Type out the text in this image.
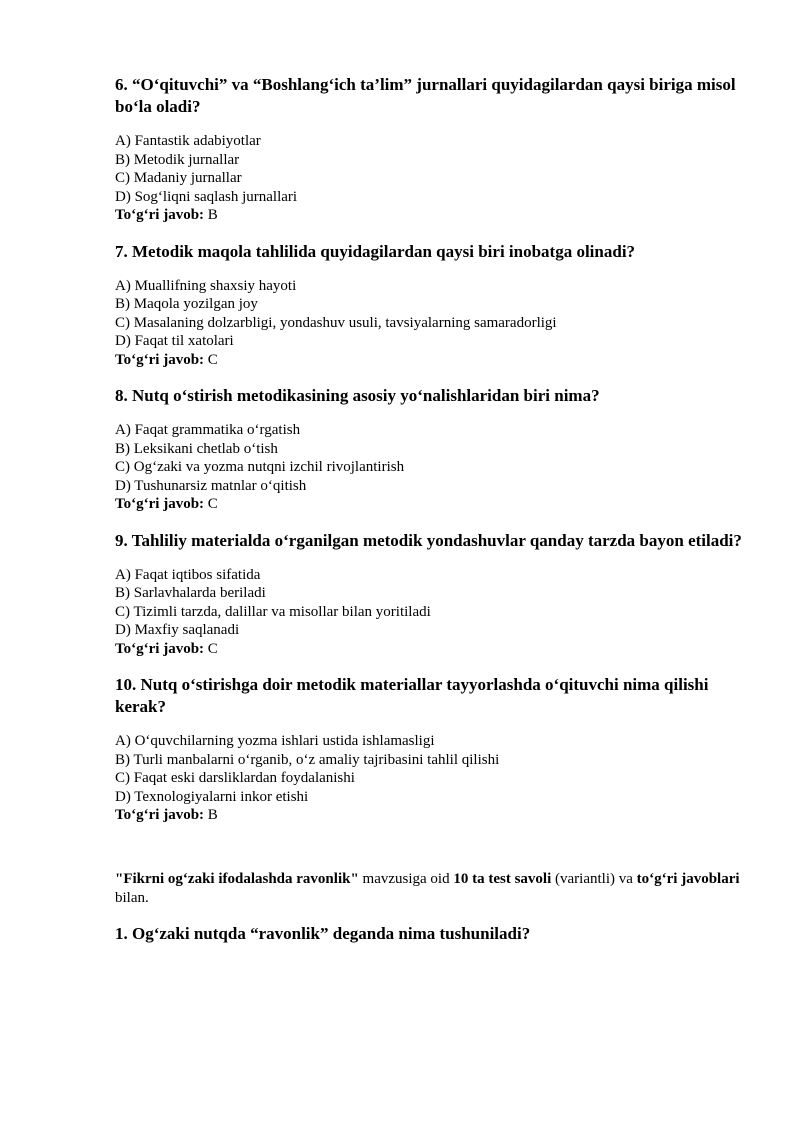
6. “O‘qituvchi” va “Boshlang‘ich ta’lim” jurnallari quyidagilardan qaysi biriga misol bo‘la oladi?
A) Fantastik adabiyotlar
B) Metodik jurnallar
C) Madaniy jurnallar
D) Sog‘liqni saqlash jurnallari
To‘g‘ri javob: B
7. Metodik maqola tahlilida quyidagilardan qaysi biri inobatga olinadi?
A) Muallifning shaxsiy hayoti
B) Maqola yozilgan joy
C) Masalaning dolzarbligi, yondashuv usuli, tavsiyalarning samaradorligi
D) Faqat til xatolari
To‘g‘ri javob: C
8. Nutq o‘stirish metodikasining asosiy yo‘nalishlaridan biri nima?
A) Faqat grammatika o‘rgatish
B) Leksikani chetlab o‘tish
C) Og‘zaki va yozma nutqni izchil rivojlantirish
D) Tushunarsiz matnlar o‘qitish
To‘g‘ri javob: C
9. Tahliliy materialda o‘rganilgan metodik yondashuvlar qanday tarzda bayon etiladi?
A) Faqat iqtibos sifatida
B) Sarlavhalarda beriladi
C) Tizimli tarzda, dalillar va misollar bilan yoritiladi
D) Maxfiy saqlanadi
To‘g‘ri javob: C
10. Nutq o‘stirishga doir metodik materiallar tayyorlashda o‘qituvchi nima qilishi kerak?
A) O‘quvchilarning yozma ishlari ustida ishlamasligi
B) Turli manbalarni o‘rganib, o‘z amaliy tajribasini tahlil qilishi
C) Faqat eski darsliklardan foydalanishi
D) Texnologiyalarni inkor etishi
To‘g‘ri javob: B

"Fikrni og‘zaki ifodalashda ravonlik" mavzusiga oid 10 ta test savoli (variantli) va to‘g‘ri javoblari bilan.

1. Og‘zaki nutqda “ravonlik” deganda nima tushuniladi?
